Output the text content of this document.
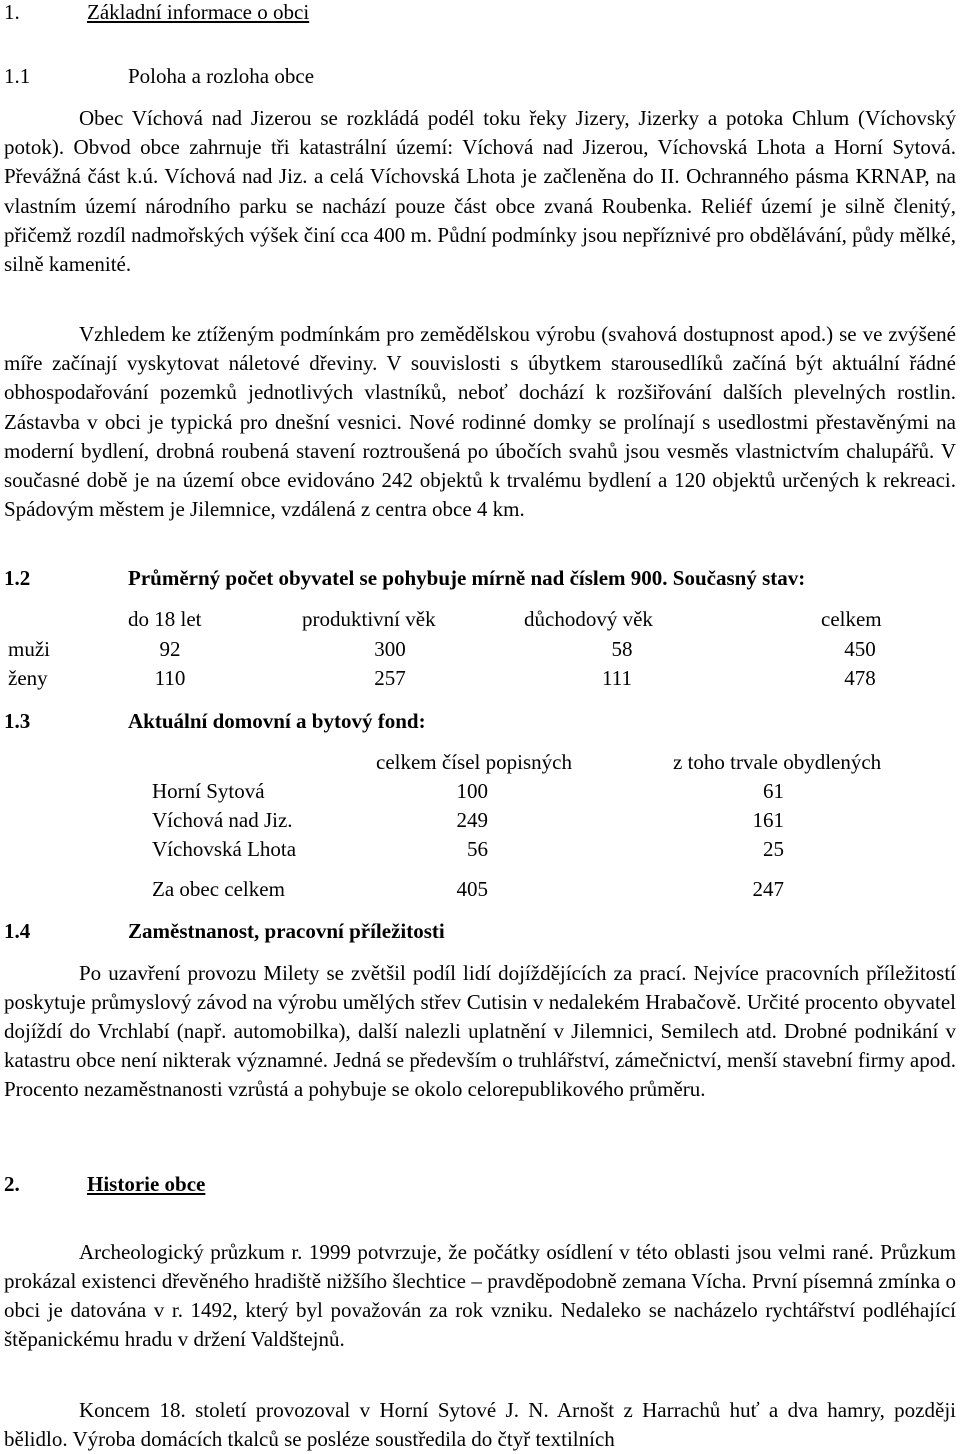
1.	Základní informace o obci
1.1	Poloha a rozloha obce

Obec Víchová nad Jizerou se rozkládá podél toku řeky Jizery, Jizerky a potoka Chlum (Víchovský potok). Obvod obce zahrnuje tři katastrální území: Víchová nad Jizerou, Víchovská Lhota a Horní Sytová. Převážná část k.ú. Víchová nad Jiz. a celá Víchovská Lhota je začleněna do II. Ochranného pásma KRNAP, na vlastním území národního parku se nachází pouze část obce zvaná Roubenka. Reliéf území je silně členitý, přičemž rozdíl nadmořských výšek činí cca 400 m. Půdní podmínky jsou nepříznivé pro obdělávání, půdy mělké, silně kamenité.

Vzhledem ke ztíženým podmínkám pro zemědělskou výrobu (svahová dostupnost apod.) se ve zvýšené míře začínají vyskytovat náletové dřeviny. V souvislosti s úbytkem starousedlíků začíná být aktuální řádné obhospodařování pozemků jednotlivých vlastníků, neboť dochází k rozšiřování dalších plevelných rostlin. Zástavba v obci je typická pro dnešní vesnici. Nové rodinné domky se prolínají s usedlostmi přestavěnými na moderní bydlení, drobná roubená stavení roztroušená po úbočích svahů jsou vesměs vlastnictvím chalupářů. V současné době je na území obce evidováno 242 objektů k trvalému bydlení a 120 objektů určených k rekreaci. Spádovým městem je Jilemnice, vzdálená z centra obce 4 km.

1.2	Průměrný počet obyvatel se pohybuje mírně nad číslem 900. Současný stav:
do 18 let	produktivní věk	důchodový věk	celkem
muži	92	300	58	450
ženy	110	257	111	478
1.3	Aktuální domovní a bytový fond:
celkem čísel popisných	z toho trvale obydlených
Horní Sytová	100	61
Víchová nad Jiz.	249	161
Víchovská Lhota	56	25
Za obec celkem	405	247
1.4	Zaměstnanost, pracovní příležitosti

Po uzavření provozu Milety se zvětšil podíl lidí dojíždějících za prací. Nejvíce pracovních příležitostí poskytuje průmyslový závod na výrobu umělých střev Cutisin v nedalekém Hrabačově. Určité procento obyvatel dojíždí do Vrchlabí (např. automobilka), další nalezli uplatnění v Jilemnici, Semilech atd. Drobné podnikání v katastru obce není nikterak významné. Jedná se především o truhlářství, zámečnictví, menší stavební firmy apod. Procento nezaměstnanosti vzrůstá a pohybuje se okolo celorepublikového průměru.

2.	Historie obce

Archeologický průzkum r. 1999 potvrzuje, že počátky osídlení v této oblasti jsou velmi rané. Průzkum prokázal existenci dřevěného hradiště nižšího šlechtice – pravděpodobně zemana Vícha. První písemná zmínka o obci je datována v r. 1492, který byl považován za rok vzniku. Nedaleko se nacházelo rychtářství podléhající štěpanickému hradu v držení Valdštejnů.

Koncem 18. století provozoval v Horní Sytové J. N. Arnošt z Harrachů huť a dva hamry, později bělidlo. Výroba domácích tkalců se posléze soustředila do čtyř textilních
